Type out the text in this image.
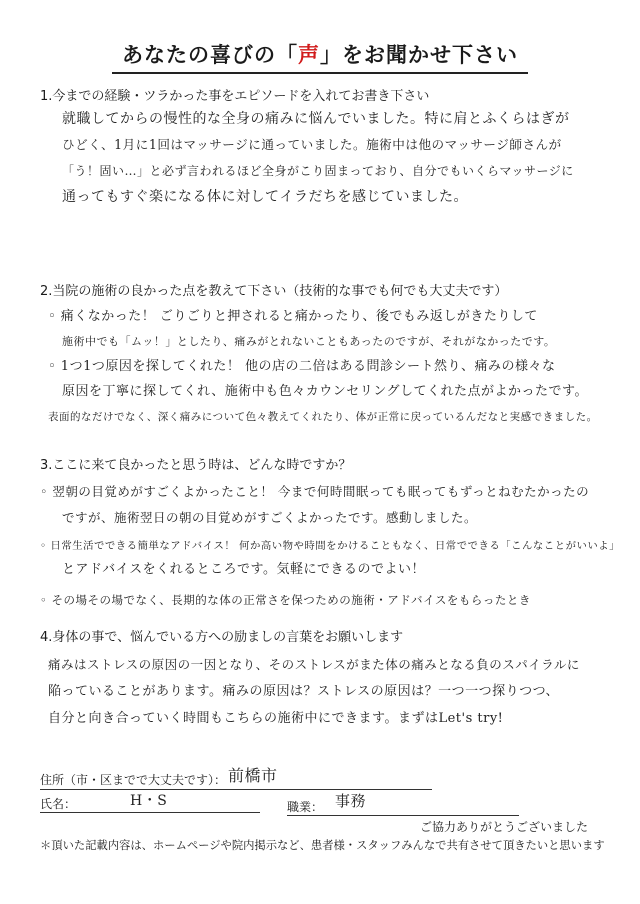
あなたの喜びの「声」をお聞かせ下さい
1.今までの経験・ツラかった事をエピソードを入れてお書き下さい
就職してからの慢性的な全身の痛みに悩んでいました。特に肩とふくらはぎが
ひどく、1月に1回はマッサージに通っていました。施術中は他のマッサージ師さんが
「う！固い…」と必ず言われるほど全身がこり固まっており、自分でもいくらマッサージに
通ってもすぐ楽になる体に対してイラだちを感じていました。
2.当院の施術の良かった点を教えて下さい（技術的な事でも何でも大丈夫です）
◦ 痛くなかった！ ごりごりと押されると痛かったり、後でもみ返しがきたりして
施術中でも「ムッ！」としたり、痛みがとれないこともあったのですが、それがなかったです。
◦ 1つ1つ原因を探してくれた！ 他の店の二倍はある問診シート然り、痛みの様々な
原因を丁寧に探してくれ、施術中も色々カウンセリングしてくれた点がよかったです。
表面的なだけでなく、深く痛みについて色々教えてくれたり、体が正常に戻っているんだなと実感できました。
3.ここに来て良かったと思う時は、どんな時ですか？
◦ 翌朝の目覚めがすごくよかったこと！ 今まで何時間眠っても眠ってもずっとねむたかったの
ですが、施術翌日の朝の目覚めがすごくよかったです。感動しました。
◦ 日常生活でできる簡単なアドバイス！ 何か高い物や時間をかけることもなく、日常でできる「こんなことがいいよ」
とアドバイスをくれるところです。気軽にできるのでよい！
◦ その場その場でなく、長期的な体の正常さを保つための施術・アドバイスをもらったとき
4.身体の事で、悩んでいる方への励ましの言葉をお願いします
痛みはストレスの原因の一因となり、そのストレスがまた体の痛みとなる負のスパイラルに
陥っていることがあります。痛みの原因は？ストレスの原因は？一つ一つ探りつつ、
自分と向き合っていく時間もこちらの施術中にできます。まずはLet's try!
住所（市・区までで大丈夫です）： 前橋市
氏名：	H・S	職業： 事務
ご協力ありがとうございました
＊頂いた記載内容は、ホームページや院内掲示など、患者様・スタッフみんなで共有させて頂きたいと思います
